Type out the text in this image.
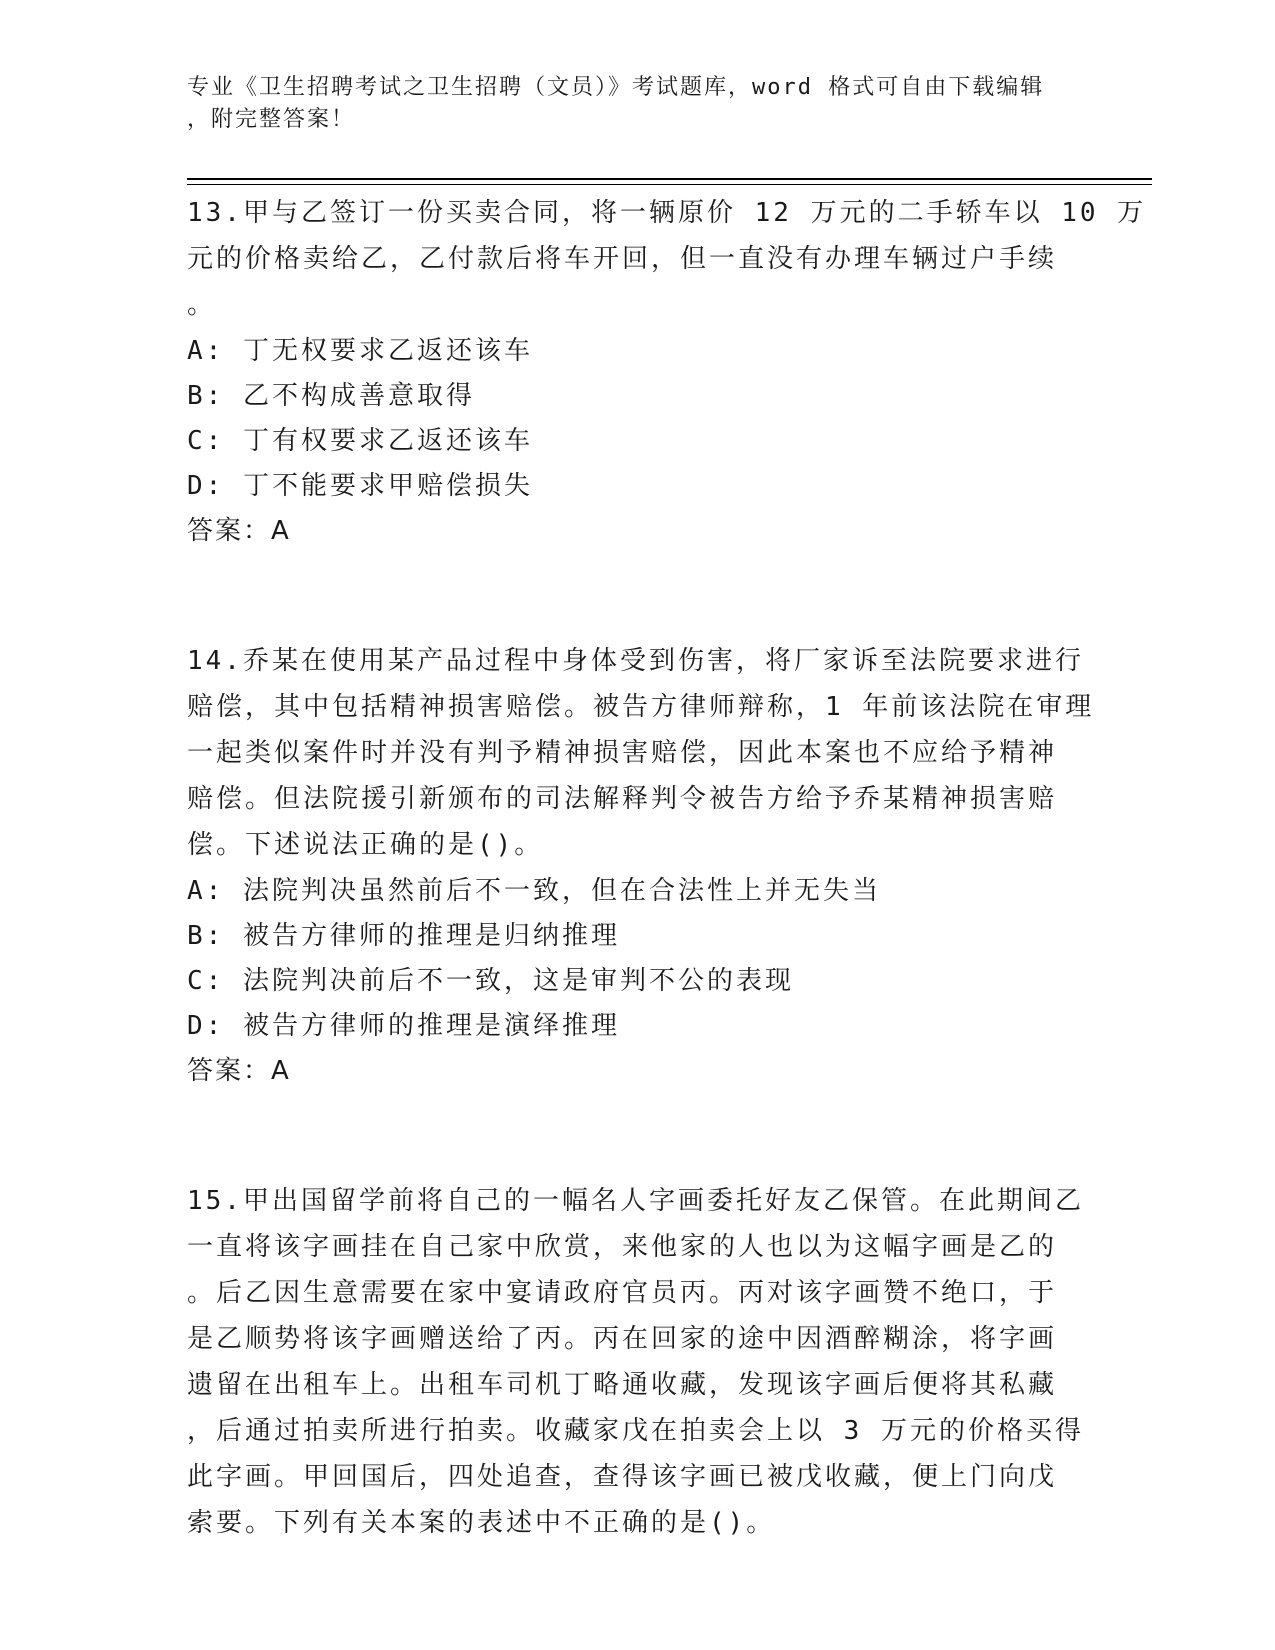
专业《卫生招聘考试之卫生招聘（文员）》考试题库，word 格式可自由下载编辑
，附完整答案！
13.甲与乙签订一份买卖合同，将一辆原价 12 万元的二手轿车以 10 万
元的价格卖给乙，乙付款后将车开回，但一直没有办理车辆过户手续
。
A: 丁无权要求乙返还该车
B: 乙不构成善意取得
C: 丁有权要求乙返还该车
D: 丁不能要求甲赔偿损失
答案：A
14.乔某在使用某产品过程中身体受到伤害，将厂家诉至法院要求进行
赔偿，其中包括精神损害赔偿。被告方律师辩称，1 年前该法院在审理
一起类似案件时并没有判予精神损害赔偿，因此本案也不应给予精神
赔偿。但法院援引新颁布的司法解释判令被告方给予乔某精神损害赔
偿。下述说法正确的是()。
A: 法院判决虽然前后不一致，但在合法性上并无失当
B: 被告方律师的推理是归纳推理
C: 法院判决前后不一致，这是审判不公的表现
D: 被告方律师的推理是演绎推理
答案：A
15.甲出国留学前将自己的一幅名人字画委托好友乙保管。在此期间乙
一直将该字画挂在自己家中欣赏，来他家的人也以为这幅字画是乙的
。后乙因生意需要在家中宴请政府官员丙。丙对该字画赞不绝口，于
是乙顺势将该字画赠送给了丙。丙在回家的途中因酒醉糊涂，将字画
遗留在出租车上。出租车司机丁略通收藏，发现该字画后便将其私藏
，后通过拍卖所进行拍卖。收藏家戊在拍卖会上以 3 万元的价格买得
此字画。甲回国后，四处追查，查得该字画已被戊收藏，便上门向戊
索要。下列有关本案的表述中不正确的是()。
